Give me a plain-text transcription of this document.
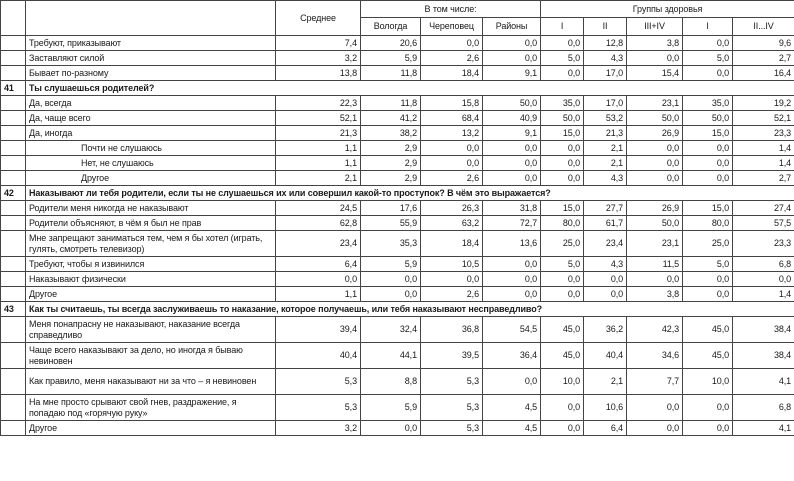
		Среднее	В том числе:			Группы здоровья				
			Вологда	Череповец	Районы	I	II	III+IV	I	II...IV
	Требуют, приказывают	7,4	20,6	0,0	0,0	0,0	12,8	3,8	0,0	9,6
	Заставляют силой	3,2	5,9	2,6	0,0	5,0	4,3	0,0	5,0	2,7
	Бывает по-разному	13,8	11,8	18,4	9,1	0,0	17,0	15,4	0,0	16,4
41	Ты слушаешься родителей?									
	Да, всегда	22,3	11,8	15,8	50,0	35,0	17,0	23,1	35,0	19,2
	Да, чаще всего	52,1	41,2	68,4	40,9	50,0	53,2	50,0	50,0	52,1
	Да, иногда	21,3	38,2	13,2	9,1	15,0	21,3	26,9	15,0	23,3
	Почти не слушаюсь	1,1	2,9	0,0	0,0	0,0	2,1	0,0	0,0	1,4
	Нет, не слушаюсь	1,1	2,9	0,0	0,0	0,0	2,1	0,0	0,0	1,4
	Другое	2,1	2,9	2,6	0,0	0,0	4,3	0,0	0,0	2,7
42	Наказывают ли тебя родители, если ты не слушаешься их или совершил какой-то проступок? В чём это выражается?									
	Родители меня никогда не наказывают	24,5	17,6	26,3	31,8	15,0	27,7	26,9	15,0	27,4
	Родители объясняют, в чём я был не прав	62,8	55,9	63,2	72,7	80,0	61,7	50,0	80,0	57,5
	Мне запрещают заниматься тем, чем я бы хотел (играть, гулять, смотреть телевизор)	23,4	35,3	18,4	13,6	25,0	23,4	23,1	25,0	23,3
	Требуют, чтобы я извинился	6,4	5,9	10,5	0,0	5,0	4,3	11,5	5,0	6,8
	Наказывают физически	0,0	0,0	0,0	0,0	0,0	0,0	0,0	0,0	0,0
	Другое	1,1	0,0	2,6	0,0	0,0	0,0	3,8	0,0	1,4
43	Как ты считаешь, ты всегда заслуживаешь то наказание, которое получаешь, или тебя наказывают несправедливо?									
	Меня понапрасну не наказывают, наказание всегда справедливо	39,4	32,4	36,8	54,5	45,0	36,2	42,3	45,0	38,4
	Чаще всего наказывают за дело, но иногда я бываю невиновен	40,4	44,1	39,5	36,4	45,0	40,4	34,6	45,0	38,4
	Как правило, меня наказывают ни за что – я невиновен	5,3	8,8	5,3	0,0	10,0	2,1	7,7	10,0	4,1
	На мне просто срывают свой гнев, раздражение, я попадаю под «горячую руку»	5,3	5,9	5,3	4,5	0,0	10,6	0,0	0,0	6,8
	Другое	3,2	0,0	5,3	4,5	0,0	6,4	0,0	0,0	4,1
